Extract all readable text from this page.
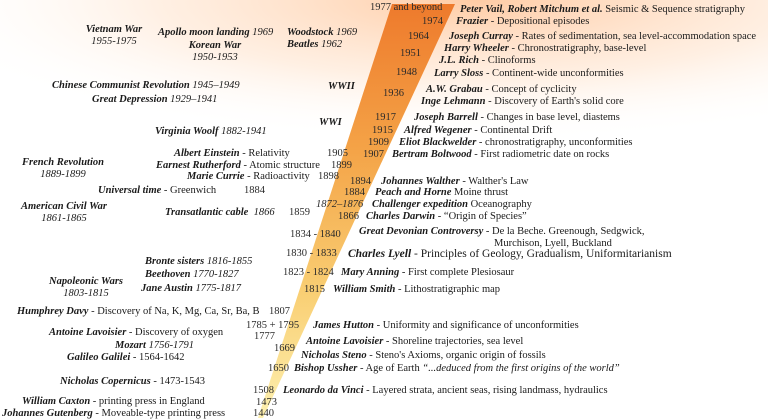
Vietnam War
1955-1975
Apollo moon landing 1969 Woodstock 1969
Korean War
1950-1953
Beatles 1962
Chinese Communist Revolution 1945–1949	WWII
Great Depression 1929–1941
WWI
Virginia Woolf 1882-1941
Albert Einstein - Relativity
Earnest Rutherford - Atomic structure
Marie Currie - Radioactivity
French Revolution
1889-1899
Universal time - Greenwich
American Civil War
1861-1865
Transatlantic cable 1866
Bronte sisters 1816-1855
Beethoven 1770-1827
Jane Austin 1775-1817
Napoleonic Wars
1803-1815
Humphrey Davy - Discovery of Na, K, Mg, Ca, Sr, Ba, B
Antoine Lavoisier - Discovery of oxygen
Mozart 1756-1791
Galileo Galilei - 1564-1642
Nicholas Copernicus - 1473-1543
William Caxton - printing press in England
Johannes Gutenberg - Moveable-type printing press
1977 and beyond
1974
1964
1951
1948
1936
1917
1915
1909
1907
1905
1899
1898 1894
1884
1884
1872–1876
1866
1859
1834 - 1840
1830 - 1833
1823 - 1824
1815
1807
1785 + 1795
1777
1669
1650
1508
1473
1440
Peter Vail, Robert Mitchum et al. Seismic & Sequence stratigraphy
Frazier - Depositional episodes
Joseph Curray - Rates of sedimentation, sea level-accommodation space
Harry Wheeler - Chronostratigraphy, base-level
J.L. Rich - Clinoforms
Larry Sloss - Continent-wide unconformities
A.W. Grabau - Concept of cyclicity
Inge Lehmann - Discovery of Earth's solid core
Joseph Barrell - Changes in base level, diastems
Alfred Wegener - Continental Drift
Eliot Blackwelder - chronostratigraphy, unconformities
Bertram Boltwood - First radiometric date on rocks
Johannes Walther - Walther's Law
Peach and Horne Moine thrust
Challenger expedition Oceanography
Charles Darwin - “Origin of Species”
Great Devonian Controversy - De la Beche. Greenough, Sedgwick,
Murchison, Lyell, Buckland
Charles Lyell - Principles of Geology, Gradualism, Uniformitarianism
Mary Anning - First complete Plesiosaur
William Smith - Lithostratigraphic map
James Hutton - Uniformity and significance of unconformities
Antoine Lavoisier - Shoreline trajectories, sea level
Nicholas Steno - Steno's Axioms, organic origin of fossils
Bishop Ussher - Age of Earth “...deduced from the first origins of the world”
Leonardo da Vinci - Layered strata, ancient seas, rising landmass, hydraulics
